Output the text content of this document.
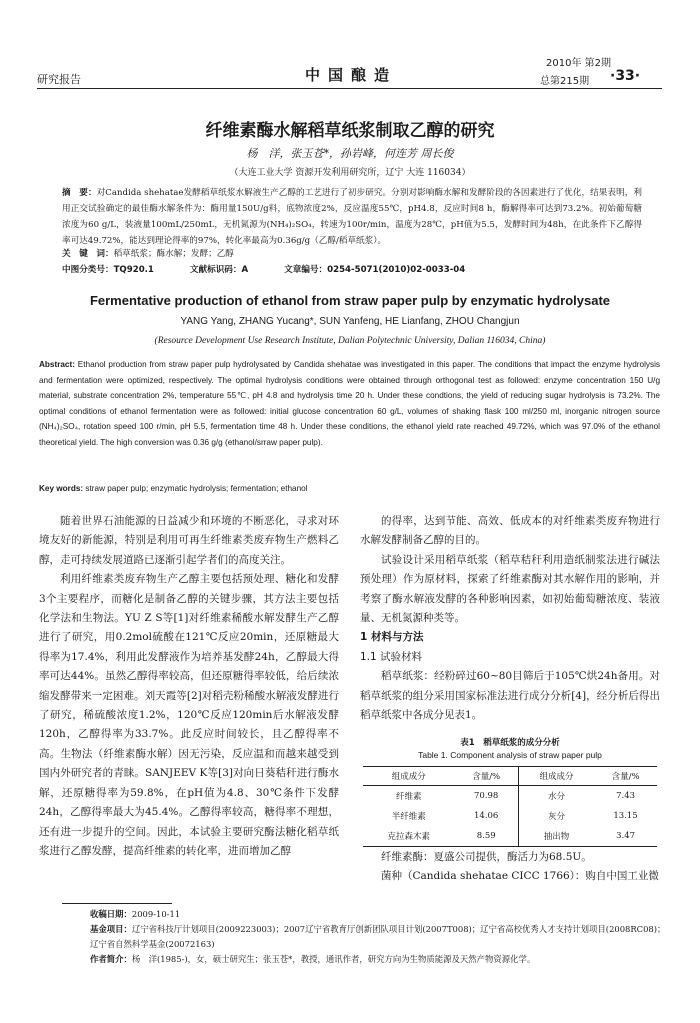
研究报告	中国酿造
2010年 第2期
总第215期 ·33·
纤维素酶水解稻草纸浆制取乙醇的研究
杨　洋，张玉苍*，孙岩峰，何连芳 周长俊
（大连工业大学 资源开发利用研究所，辽宁 大连 116034）
摘　要：对Candida shehatae发酵稻草纸浆水解液生产乙醇的工艺进行了初步研究。分别对影响酶水解和发酵阶段的各因素进行了优化，结果表明，利用正交试验确定的最佳酶水解条件为：酶用量150U/g料，底物浓度2%，反应温度55℃，pH4.8，反应时间8 h，酶解得率可达到73.2%。初始葡萄糖浓度为60 g/L，装液量100mL/250mL，无机氮源为(NH₄)₂SO₄，转速为100r/min，温度为28℃，pH值为5.5，发酵时间为48h，在此条件下乙醇得率可达49.72%，能达到理论得率的97%，转化率最高为0.36g/g（乙醇/稻草纸浆）。
关　键　词：稻草纸浆；酶水解；发酵；乙醇
中图分类号：TQ920.1	文献标识码：A	文章编号：0254-5071(2010)02-0033-04
Fermentative production of ethanol from straw paper pulp by enzymatic hydrolysate
YANG Yang, ZHANG Yucang*, SUN Yanfeng, HE Lianfang, ZHOU Changjun
(Resource Development Use Research Institute, Dalian Polytechnic University, Dalian 116034, China)
Abstract: Ethanol production from straw paper pulp hydrolysated by Candida shehatae was investigated in this paper. The conditions that impact the enzyme hydrolysis and fermentation were optimized, respectively. The optimal hydrolysis conditions were obtained through orthogonal test as followed: enzyme concentration 150 U/g material, substrate concentration 2%, temperature 55℃, pH 4.8 and hydrolysis time 20 h. Under these condtions, the yield of reducing sugar hydrolysis is 73.2%. The optimal conditions of ethanol fermentation were as followed: initial glucose concentration 60 g/L, volumes of shaking flask 100 ml/250 ml, inorganic nitrogen source (NH₄)₂SO₄, rotation speed 100 r/min, pH 5.5, fermentation time 48 h. Under these conditions, the ethanol yield rate reached 49.72%, which was 97.0% of the ethanol theoretical yield. The high conversion was 0.36 g/g (ethanol/srraw paper pulp).
Key words: straw paper pulp; enzymatic hydrolysis; fermentation; ethanol

随着世界石油能源的日益减少和环境的不断恶化，寻求对环境友好的新能源，特别是利用可再生纤维素类废弃物生产燃料乙醇，走可持续发展道路已逐渐引起学者们的高度关注。

利用纤维素类废弃物生产乙醇主要包括预处理、糖化和发酵3个主要程序，而糖化是制备乙醇的关键步骤，其方法主要包括化学法和生物法。YU Z S等[1]对纤维素稀酸水解发酵生产乙醇进行了研究，用0.2mol硫酸在121℃反应20min，还原糖最大得率为17.4%，利用此发酵液作为培养基发酵24h，乙醇最大得率可达44%。虽然乙醇得率较高，但还原糖得率较低，给后续浓缩发酵带来一定困难。刘天霞等[2]对稻壳粉稀酸水解液发酵进行了研究，稀硫酸浓度1.2%，120℃反应120min后水解液发酵120h，乙醇得率为33.7%。此反应时间较长，且乙醇得率不高。生物法（纤维素酶水解）因无污染，反应温和而越来越受到国内外研究者的青睐。SANJEEV K等[3]对向日葵秸秆进行酶水解，还原糖得率为59.8%，在pH值为4.8、30℃条件下发酵24h，乙醇得率最大为45.4%。乙醇得率较高，糖得率不理想，还有进一步提升的空间。因此，本试验主要研究酶法糖化稻草纸浆进行乙醇发酵，提高纤维素的转化率，进而增加乙醇

的得率，达到节能、高效、低成本的对纤维素类废弃物进行水解发酵制备乙醇的目的。

试验设计采用稻草纸浆（稻草秸秆利用造纸制浆法进行碱法预处理）作为原材料，探索了纤维素酶对其水解作用的影响，并考察了酶水解液发酵的各种影响因素，如初始葡萄糖浓度、装液量、无机氮源种类等。

1 材料与方法

1.1 试验材料

稻草纸浆：经粉碎过60~80目筛后于105℃烘24h备用。对稻草纸浆的组分采用国家标准法进行成分分析[4]，经分析后得出稻草纸浆中各成分见表1。

表1　稻草纸浆的成分分析
Table 1. Component analysis of straw paper pulp
组成成分	含量/%	组成成分	含量/%
纤维素	70.98	水分	7.43
半纤维素	14.06	灰分	13.15
克拉森木素	8.59	抽出物	3.47

纤维素酶：夏盛公司提供，酶活力为68.5U。

菌种（Candida shehatae CICC 1766）：购自中国工业微

收稿日期：2009-10-11
基金项目：辽宁省科技厅计划项目(2009223003)；2007辽宁省教育厅创新团队项目计划(2007T008)；辽宁省高校优秀人才支持计划项目(2008RC08)；辽宁省自然科学基金(20072163)
作者简介：杨　洋(1985-)，女，硕士研究生；张玉苍*，教授，通讯作者，研究方向为生物质能源及天然产物资源化学。
